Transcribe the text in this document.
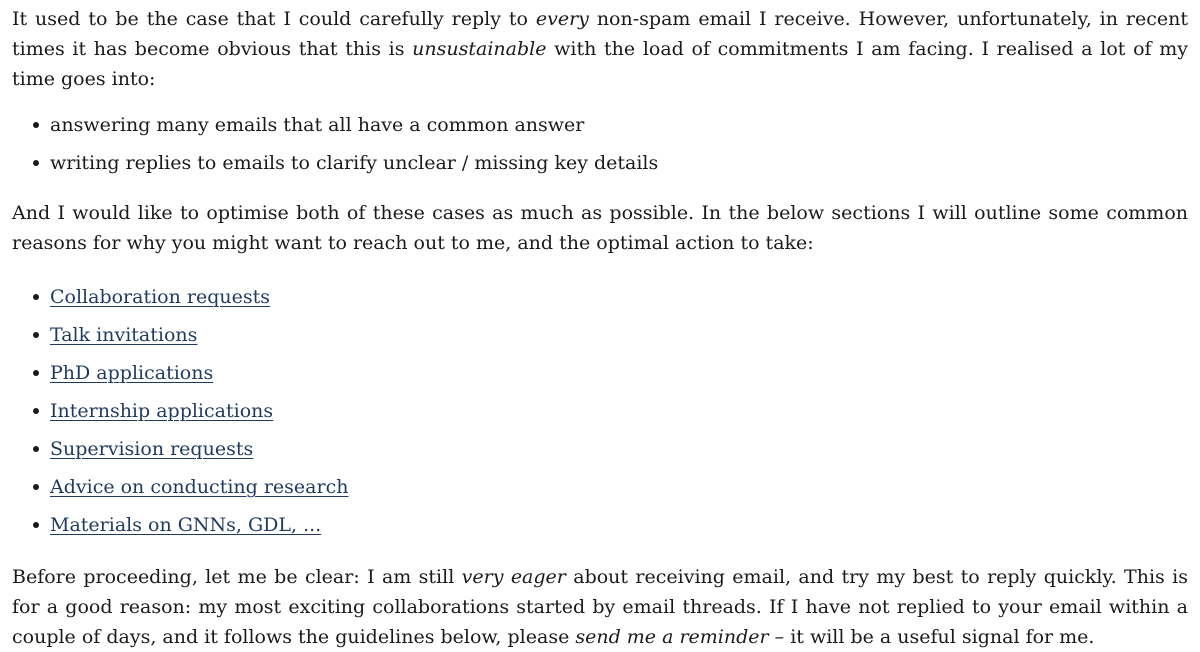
It used to be the case that I could carefully reply to every non-spam email I receive. However, unfortunately, in recent times it has become obvious that this is unsustainable with the load of commitments I am facing. I realised a lot of my time goes into:

answering many emails that all have a common answer
writing replies to emails to clarify unclear / missing key details

And I would like to optimise both of these cases as much as possible. In the below sections I will outline some common reasons for why you might want to reach out to me, and the optimal action to take:

Collaboration requests
Talk invitations
PhD applications
Internship applications
Supervision requests
Advice on conducting research
Materials on GNNs, GDL, ...

Before proceeding, let me be clear: I am still very eager about receiving email, and try my best to reply quickly. This is for a good reason: my most exciting collaborations started by email threads. If I have not replied to your email within a couple of days, and it follows the guidelines below, please send me a reminder – it will be a useful signal for me.
